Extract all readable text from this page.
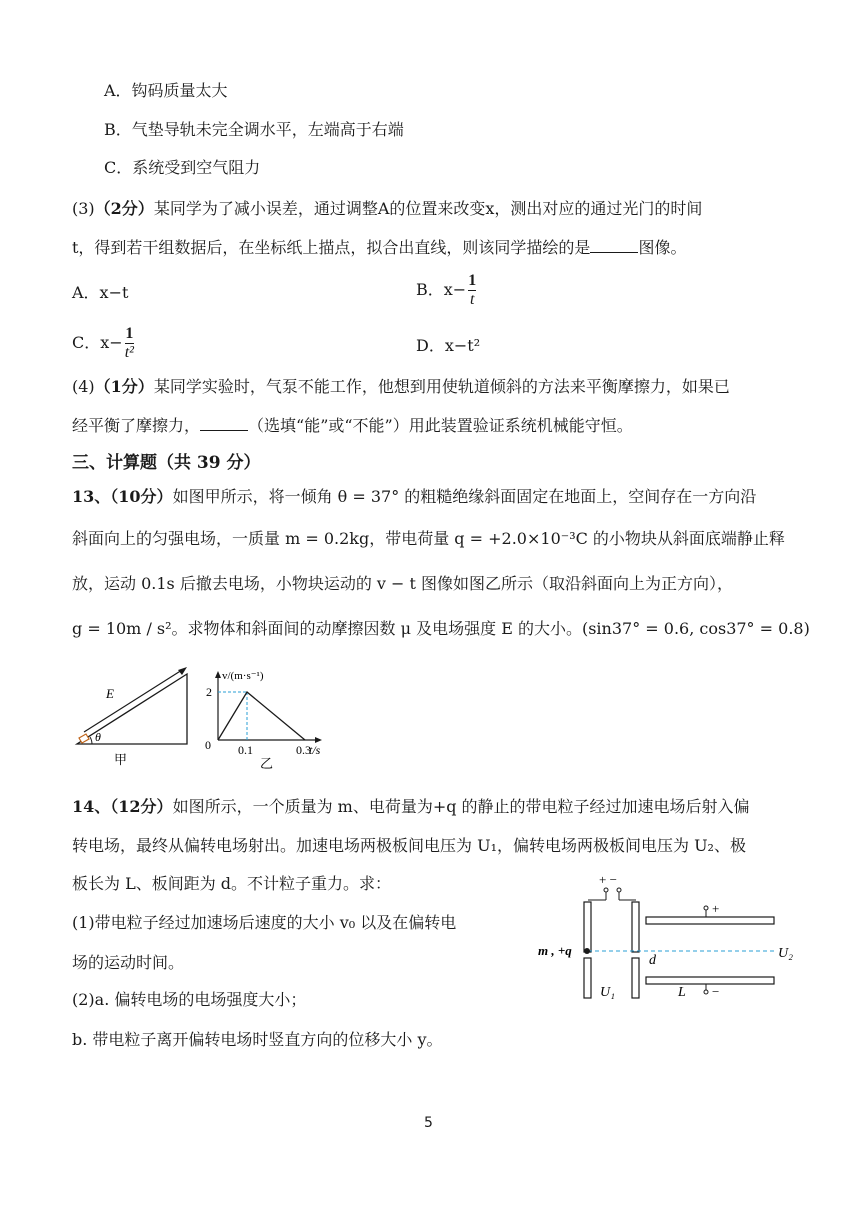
A．钩码质量太大
B．气垫导轨未完全调水平，左端高于右端
C．系统受到空气阻力
(3)（2分）某同学为了减小误差，通过调整A的位置来改变x，测出对应的通过光门的时间
t，得到若干组数据后，在坐标纸上描点，拟合出直线，则该同学描绘的是	图像。
A．x−t	B．$x- \frac{1}{t}$
C．$x- \frac{1}{\text{t²}}$	D．x−t²
(4)（1分）某同学实验时，气泵不能工作，他想到用使轨道倾斜的方法来平衡摩擦力，如果已
经平衡了摩擦力，	（选填“能”或“不能”）用此装置验证系统机械能守恒。
三、计算题（共 39 分）
13、（10分）如图甲所示，将一倾角 θ = 37° 的粗糙绝缘斜面固定在地面上，空间存在一方向沿
斜面向上的匀强电场，一质量 m = 0.2kg，带电荷量 q = +2.0×10⁻³C 的小物块从斜面底端静止释
放，运动 0.1s 后撤去电场，小物块运动的 v − t 图像如图乙所示（取沿斜面向上为正方向），
g = 10m / s²。求物体和斜面间的动摩擦因数 μ 及电场强度 E 的大小。(sin37° = 0.6, cos37° = 0.8)
E
θ
甲
v/(m·s⁻¹)
t/s
2
0 0.1	0.3
乙
14、（12分）如图所示，一个质量为 m、电荷量为+q 的静止的带电粒子经过加速电场后射入偏
转电场，最终从偏转电场射出。加速电场两极板间电压为 U₁，偏转电场两极板间电压为 U₂、极
板长为 L、板间距为 d。不计粒子重力。求：
(1)带电粒子经过加速场后速度的大小 v₀ 以及在偏转电
场的运动时间。
(2)a. 偏转电场的电场强度大小；
b. 带电粒子离开偏转电场时竖直方向的位移大小 y。
+ −
+
−
m , +q
d	U₂
U₁	L
5
